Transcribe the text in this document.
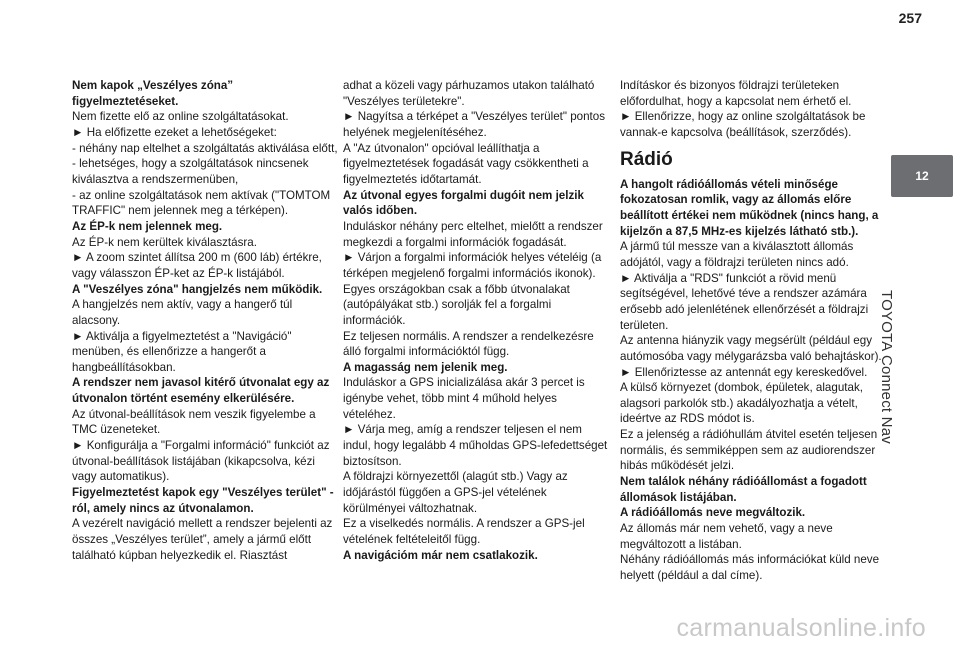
257
12
TOYOTA Connect Nav

Nem kapok „Veszélyes zóna” figyelmeztetéseket.

Nem fizette elő az online szolgáltatásokat.

► Ha előfizette ezeket a lehetőségeket:

- néhány nap eltelhet a szolgáltatás aktiválása előtt,

- lehetséges, hogy a szolgáltatások nincsenek kiválasztva a rendszermenüben,

- az online szolgáltatások nem aktívak ("TOMTOM TRAFFIC" nem jelennek meg a térképen).

Az ÉP-k nem jelennek meg.

Az ÉP-k nem kerültek kiválasztásra.

► A zoom szintet állítsa 200 m (600 láb) értékre, vagy válasszon ÉP-ket az ÉP-k listájából.

A "Veszélyes zóna" hangjelzés nem működik.

A hangjelzés nem aktív, vagy a hangerő túl alacsony.

► Aktiválja a figyelmeztetést a "Navigáció" menüben, és ellenőrizze a hangerőt a hangbeállításokban.

A rendszer nem javasol kitérő útvonalat egy az útvonalon történt esemény elkerülésére.

Az útvonal-beállítások nem veszik figyelembe a TMC üzeneteket.

► Konfigurálja a "Forgalmi információ" funkciót az útvonal-beállítások listájában (kikapcsolva, kézi vagy automatikus).

Figyelmeztetést kapok egy "Veszélyes terület" -ról, amely nincs az útvonalamon.

A vezérelt navigáció mellett a rendszer bejelenti az összes „Veszélyes terület”, amely a jármű előtt található kúpban helyezkedik el. Riasztást

adhat a közeli vagy párhuzamos utakon található "Veszélyes területekre".

► Nagyítsa a térképet a "Veszélyes terület" pontos helyének megjelenítéséhez.

A "Az útvonalon" opcióval leállíthatja a figyelmeztetések fogadását vagy csökkentheti a figyelmeztetés időtartamát.

Az útvonal egyes forgalmi dugóit nem jelzik valós időben.

Induláskor néhány perc eltelhet, mielőtt a rendszer megkezdi a forgalmi információk fogadását.

► Várjon a forgalmi információk helyes vételéig (a térképen megjelenő forgalmi információs ikonok).

Egyes országokban csak a főbb útvonalakat (autópályákat stb.) sorolják fel a forgalmi információk.

Ez teljesen normális. A rendszer a rendelkezésre álló forgalmi információktól függ.

A magasság nem jelenik meg.

Induláskor a GPS inicializálása akár 3 percet is igénybe vehet, több mint 4 műhold helyes vételéhez.

► Várja meg, amíg a rendszer teljesen el nem indul, hogy legalább 4 műholdas GPS-lefedettséget biztosítson.

A földrajzi környezettől (alagút stb.) Vagy az időjárástól függően a GPS-jel vételének körülményei változhatnak.

Ez a viselkedés normális. A rendszer a GPS-jel vételének feltételeitől függ.

A navigációm már nem csatlakozik.

Indításkor és bizonyos földrajzi területeken előfordulhat, hogy a kapcsolat nem érhető el.

► Ellenőrizze, hogy az online szolgáltatások be vannak-e kapcsolva (beállítások, szerződés).

Rádió

A hangolt rádióállomás vételi minősége fokozatosan romlik, vagy az állomás előre beállított értékei nem működnek (nincs hang, a kijelzőn a 87,5 MHz-es kijelzés látható stb.).

A jármű túl messze van a kiválasztott állomás adójától, vagy a földrajzi területen nincs adó.

► Aktiválja a "RDS" funkciót a rövid menü segítségével, lehetővé téve a rendszer azámára erősebb adó jelenlétének ellenőrzését a földrajzi területen.

Az antenna hiányzik vagy megsérült (például egy autómosóba vagy mélygarázsba való behajtáskor).

► Ellenőriztesse az antennát egy kereskedővel.

A külső környezet (dombok, épületek, alagutak, alagsori parkolók stb.) akadályozhatja a vételt, ideértve az RDS módot is.

Ez a jelenség a rádióhullám átvitel esetén teljesen normális, és semmiképpen sem az audiorendszer hibás működését jelzi.

Nem találok néhány rádióállomást a fogadott állomások listájában.

A rádióállomás neve megváltozik.

Az állomás már nem vehető, vagy a neve megváltozott a listában.

Néhány rádióállomás más információkat küld neve helyett (például a dal címe).

carmanualsonline.info
